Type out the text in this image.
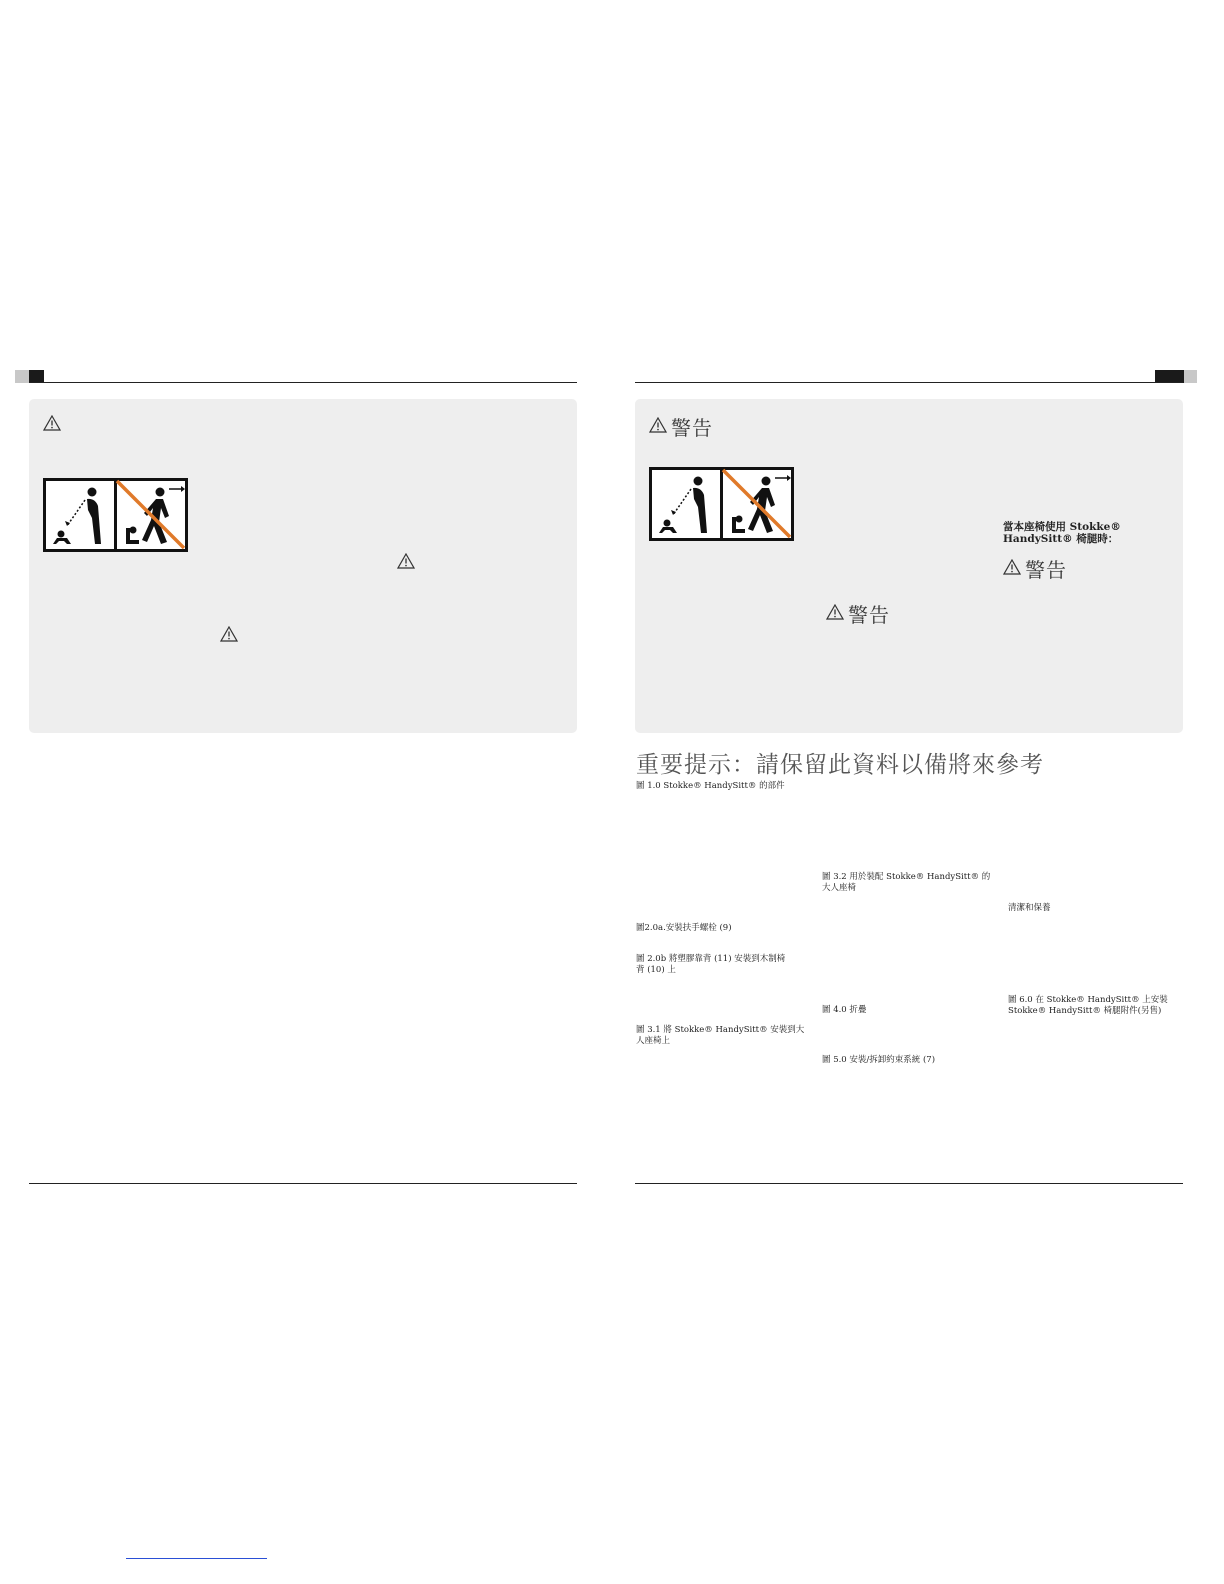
警告
當本座椅使用 Stokke®
HandySitt® 椅腿時：
警告
警告
重要提示：請保留此資料以備將來參考
圖 1.0 Stokke® HandySitt® 的部件
圖 3.2 用於裝配 Stokke® HandySitt® 的
大人座椅
清潔和保養
圖2.0a.安裝扶手螺栓 (9)
圖 2.0b 將塑膠靠背 (11) 安裝到木制椅
背 (10) 上
圖 6.0 在 Stokke® HandySitt® 上安裝
Stokke® HandySitt® 椅腿附件(另售)
圖 4.0 折疊
圖 3.1 將 Stokke® HandySitt® 安裝到大
人座椅上
圖 5.0 安裝/拆卸約束系統 (7)
